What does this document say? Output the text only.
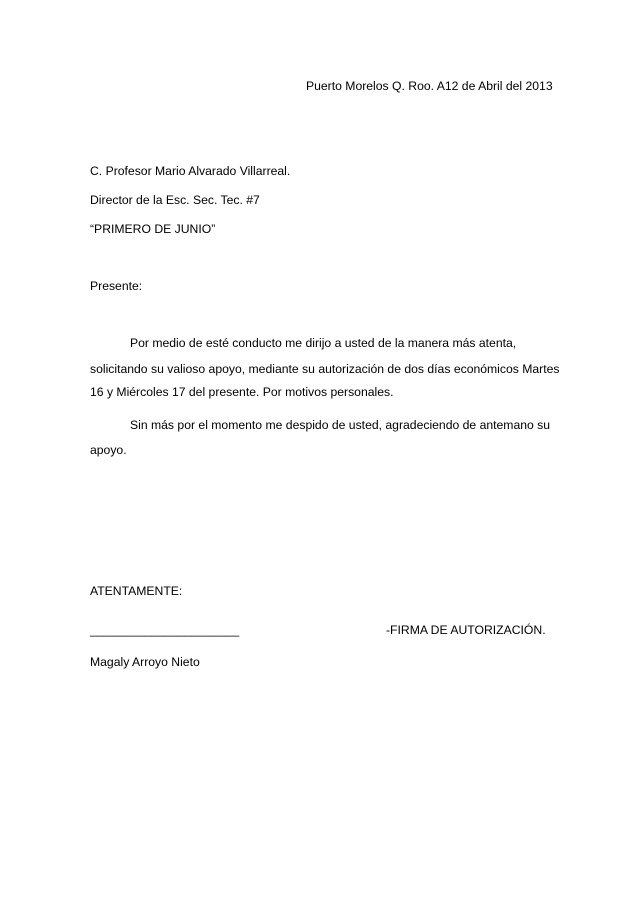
Puerto Morelos Q. Roo. A12 de Abril del 2013
C. Profesor Mario Alvarado Villarreal.
Director de la Esc. Sec. Tec. #7
“PRIMERO DE JUNIO”
Presente:
Por medio de esté conducto me dirijo a usted de la manera más atenta,
solicitando su valioso apoyo, mediante su autorización de dos días económicos Martes
16 y Miércoles 17 del presente. Por motivos personales.
Sin más por el momento me despido de usted, agradeciendo de antemano su
apoyo.
ATENTAMENTE:
______________________	-FIRMA DE AUTORIZACIÓN.
Magaly Arroyo Nieto
